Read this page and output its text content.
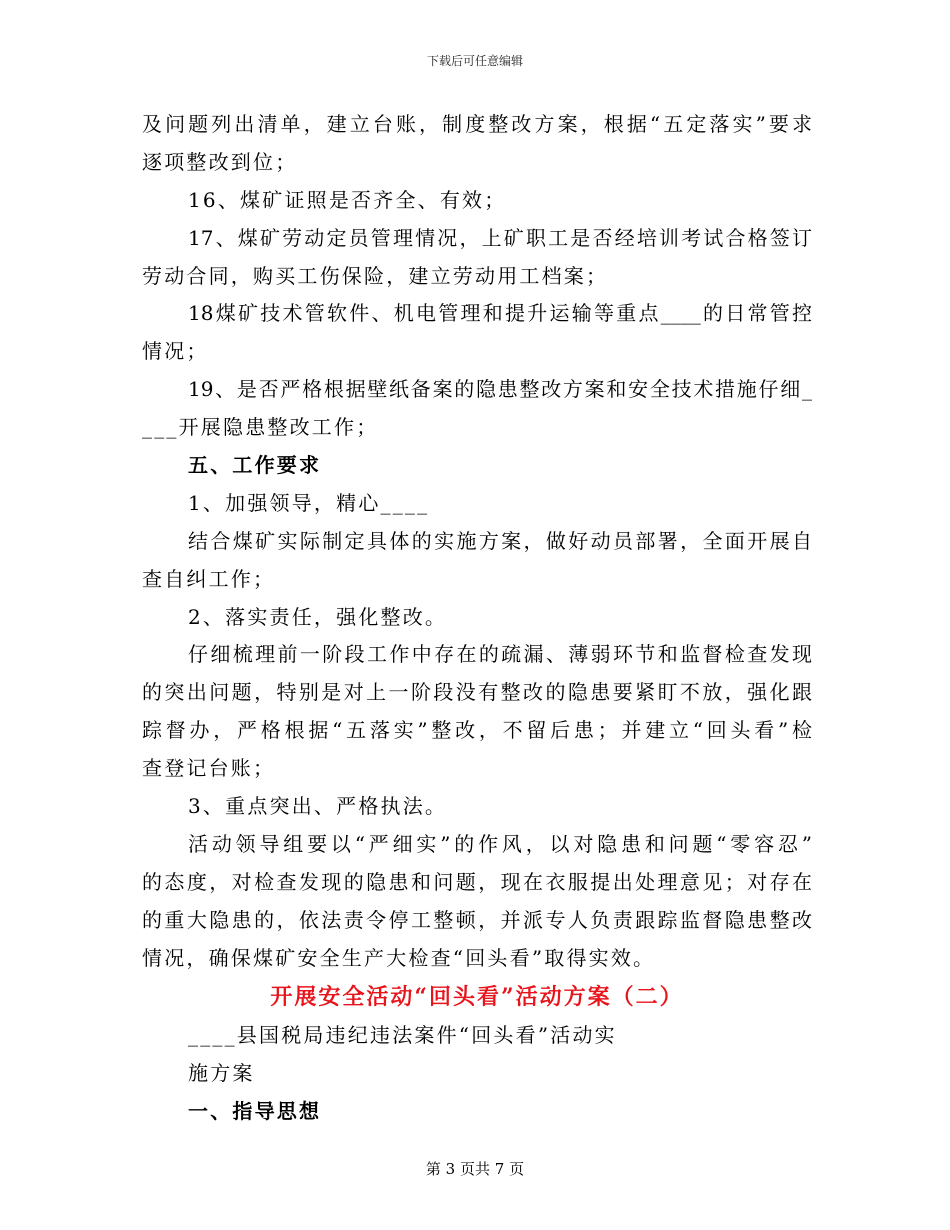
下载后可任意编辑
及问题列出清单，建立台账，制度整改方案，根据“五定落实”要求
逐项整改到位；
16、煤矿证照是否齐全、有效；
17、煤矿劳动定员管理情况，上矿职工是否经培训考试合格签订
劳动合同，购买工伤保险，建立劳动用工档案；
18煤矿技术管软件、机电管理和提升运输等重点____的日常管控
情况；
19、是否严格根据壁纸备案的隐患整改方案和安全技术措施仔细_
___开展隐患整改工作；
五、工作要求
1、加强领导，精心____
结合煤矿实际制定具体的实施方案，做好动员部署，全面开展自
查自纠工作；
2、落实责任，强化整改。
仔细梳理前一阶段工作中存在的疏漏、薄弱环节和监督检查发现
的突出问题，特别是对上一阶段没有整改的隐患要紧盯不放，强化跟
踪督办，严格根据“五落实”整改，不留后患；并建立“回头看”检
查登记台账；
3、重点突出、严格执法。
活动领导组要以“严细实”的作风，以对隐患和问题“零容忍”
的态度，对检查发现的隐患和问题，现在衣服提出处理意见；对存在
的重大隐患的，依法责令停工整顿，并派专人负责跟踪监督隐患整改
情况，确保煤矿安全生产大检查“回头看”取得实效。
开展安全活动“回头看”活动方案（二）
____县国税局违纪违法案件“回头看”活动实
施方案
一、指导思想
第 3 页共 7 页
